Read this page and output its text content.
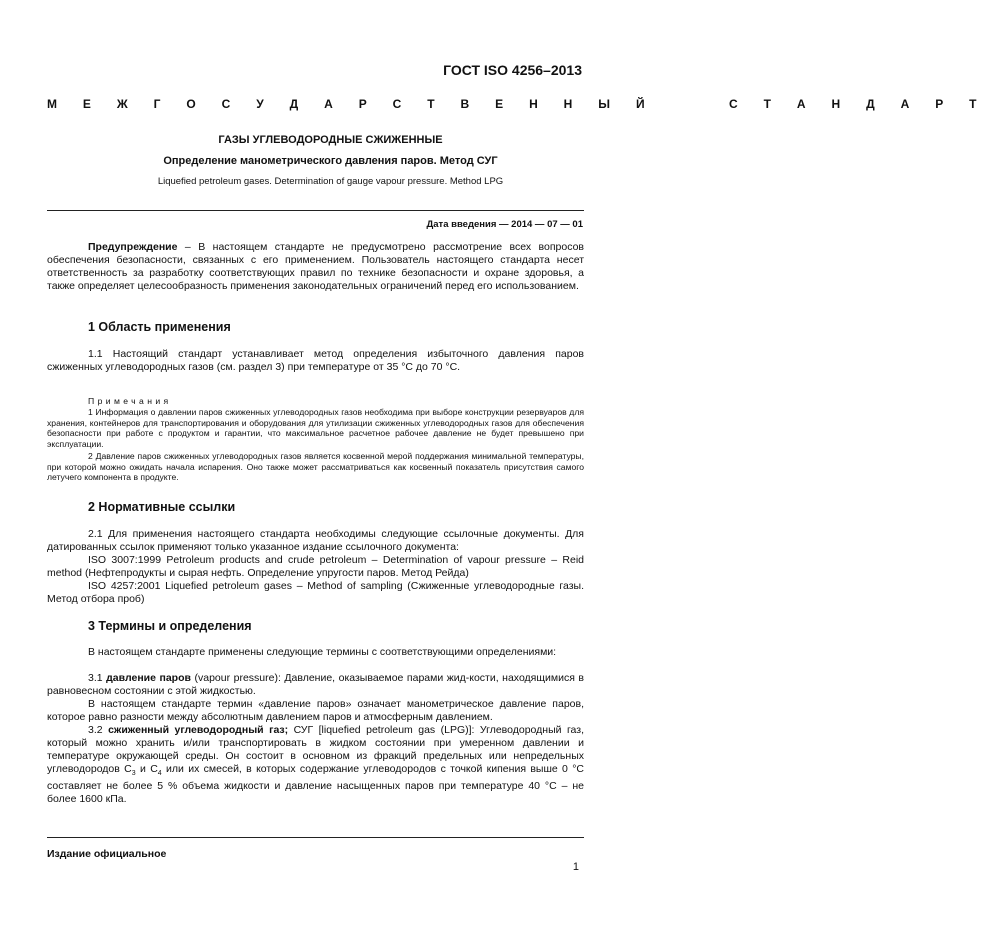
ГОСТ ISO 4256–2013
М Е Ж Г О С У Д А Р С Т В Е Н Н Ы Й     С Т А Н Д А Р Т
ГАЗЫ УГЛЕВОДОРОДНЫЕ СЖИЖЕННЫЕ
Определение манометрического давления паров. Метод СУГ
Liquefied petroleum gases. Determination of gauge vapour pressure. Method LPG
Дата введения — 2014 — 07 — 01
Предупреждение – В настоящем стандарте не предусмотрено рассмотрение всех вопросов обеспечения безопасности, связанных с его применением. Пользователь настоящего стандарта несет ответственность за разработку соответствующих правил по технике безопасности и охране здоровья, а также определяет целесообразность применения законодательных ограничений перед его использованием.
1 Область применения
1.1 Настоящий стандарт устанавливает метод определения избыточного давления паров сжиженных углеводородных газов (см. раздел 3) при температуре от 35 °С до 70 °С.
Примечания
1 Информация о давлении паров сжиженных углеводородных газов необходима при выборе конструкции резервуаров для хранения, контейнеров для транспортирования и оборудования для утилизации сжиженных углеводородных газов для обеспечения безопасности при работе с продуктом и гарантии, что максимальное расчетное рабочее давление не будет превышено при эксплуатации.
2 Давление паров сжиженных углеводородных газов является косвенной мерой поддержания минимальной температуры, при которой можно ожидать начала испарения. Оно также может рассматриваться как косвенный показатель присутствия самого летучего компонента в продукте.
2 Нормативные ссылки
2.1 Для применения настоящего стандарта необходимы следующие ссылочные документы. Для датированных ссылок применяют только указанное издание ссылочного документа:
ISO 3007:1999 Petroleum products and crude petroleum – Determination of vapour pressure – Reid method (Нефтепродукты и сырая нефть. Определение упругости паров. Метод Рейда)
ISO 4257:2001 Liquefied petroleum gases – Method of sampling (Сжиженные углеводородные газы. Метод отбора проб)
3 Термины и определения
В настоящем стандарте применены следующие термины с соответствующими определениями:
3.1 давление паров (vapour pressure): Давление, оказываемое парами жид-кости, находящимися в равновесном состоянии с этой жидкостью.
В настоящем стандарте термин «давление паров» означает манометрическое давление паров, которое равно разности между абсолютным давлением паров и атмосферным давлением.
3.2 сжиженный углеводородный газ; СУГ [liquefied petroleum gas (LPG)]: Углеводородный газ, который можно хранить и/или транспортировать в жидком состоянии при умеренном давлении и температуре окружающей среды. Он состоит в основном из фракций предельных или непредельных углеводородов $С_3$ и $С_4$ или их смесей, в которых содержание углеводородов с точкой кипения выше 0 °С составляет не более 5 % объема жидкости и давление насыщенных паров при температуре 40 °С – не более 1600 кПа.
Издание официальное
1
